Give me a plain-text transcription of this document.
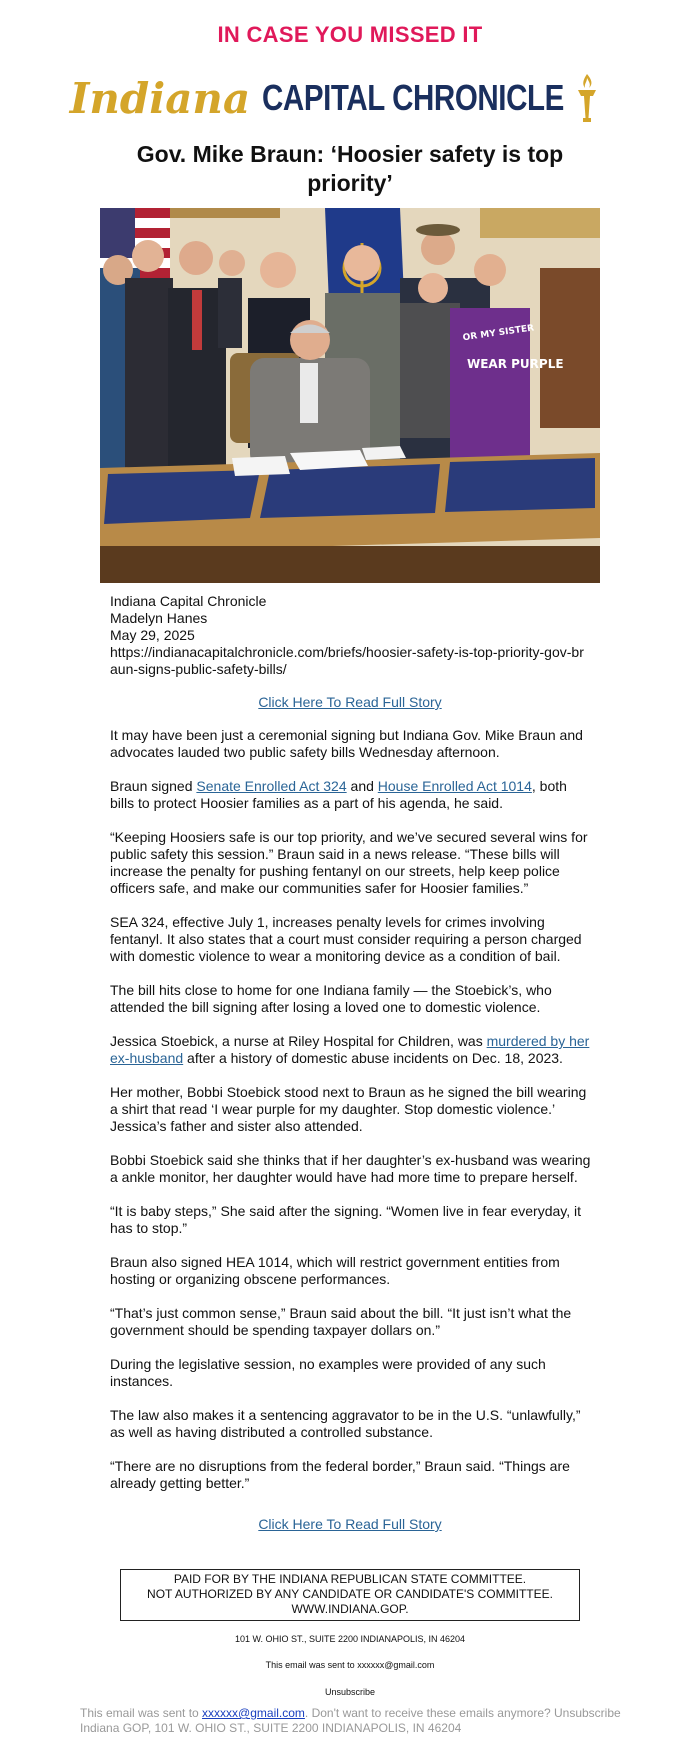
IN CASE YOU MISSED IT
Indiana CAPITAL CHRONICLE
Gov. Mike Braun: ‘Hoosier safety is top priority’
OR MY SISTER
WEAR PURPLE
Indiana Capital Chronicle
Madelyn Hanes
May 29, 2025
https://indianacapitalchronicle.com/briefs/hoosier-safety-is-top-priority-gov-braun-signs-public-safety-bills/
Click Here To Read Full Story

It may have been just a ceremonial signing but Indiana Gov. Mike Braun and advocates lauded two public safety bills Wednesday afternoon.

Braun signed Senate Enrolled Act 324 and House Enrolled Act 1014, both bills to protect Hoosier families as a part of his agenda, he said.

“Keeping Hoosiers safe is our top priority, and we’ve secured several wins for public safety this session.” Braun said in a news release. “These bills will increase the penalty for pushing fentanyl on our streets, help keep police officers safe, and make our communities safer for Hoosier families.”

SEA 324, effective July 1, increases penalty levels for crimes involving fentanyl. It also states that a court must consider requiring a person charged with domestic violence to wear a monitoring device as a condition of bail.

The bill hits close to home for one Indiana family — the Stoebick’s, who attended the bill signing after losing a loved one to domestic violence.

Jessica Stoebick, a nurse at Riley Hospital for Children, was murdered by her ex-husband after a history of domestic abuse incidents on Dec. 18, 2023.

Her mother, Bobbi Stoebick stood next to Braun as he signed the bill wearing a shirt that read ‘I wear purple for my daughter. Stop domestic violence.’ Jessica’s father and sister also attended.

Bobbi Stoebick said she thinks that if her daughter’s ex-husband was wearing a ankle monitor, her daughter would have had more time to prepare herself.

“It is baby steps,” She said after the signing. “Women live in fear everyday, it has to stop.”

Braun also signed HEA 1014, which will restrict government entities from hosting or organizing obscene performances.

“That’s just common sense,” Braun said about the bill. “It just isn’t what the government should be spending taxpayer dollars on.”

During the legislative session, no examples were provided of any such instances.

The law also makes it a sentencing aggravator to be in the U.S. “unlawfully,” as well as having distributed a controlled substance.

“There are no disruptions from the federal border,” Braun said. “Things are already getting better.”

Click Here To Read Full Story
PAID FOR BY THE INDIANA REPUBLICAN STATE COMMITTEE.
NOT AUTHORIZED BY ANY CANDIDATE OR CANDIDATE'S COMMITTEE.
WWW.INDIANA.GOP.
101 W. OHIO ST., SUITE 2200 INDIANAPOLIS, IN 46204
This email was sent to xxxxxx@gmail.com
Unsubscribe
This email was sent to xxxxxx@gmail.com. Don't want to receive these emails anymore? Unsubscribe
Indiana GOP, 101 W. OHIO ST., SUITE 2200 INDIANAPOLIS, IN 46204
